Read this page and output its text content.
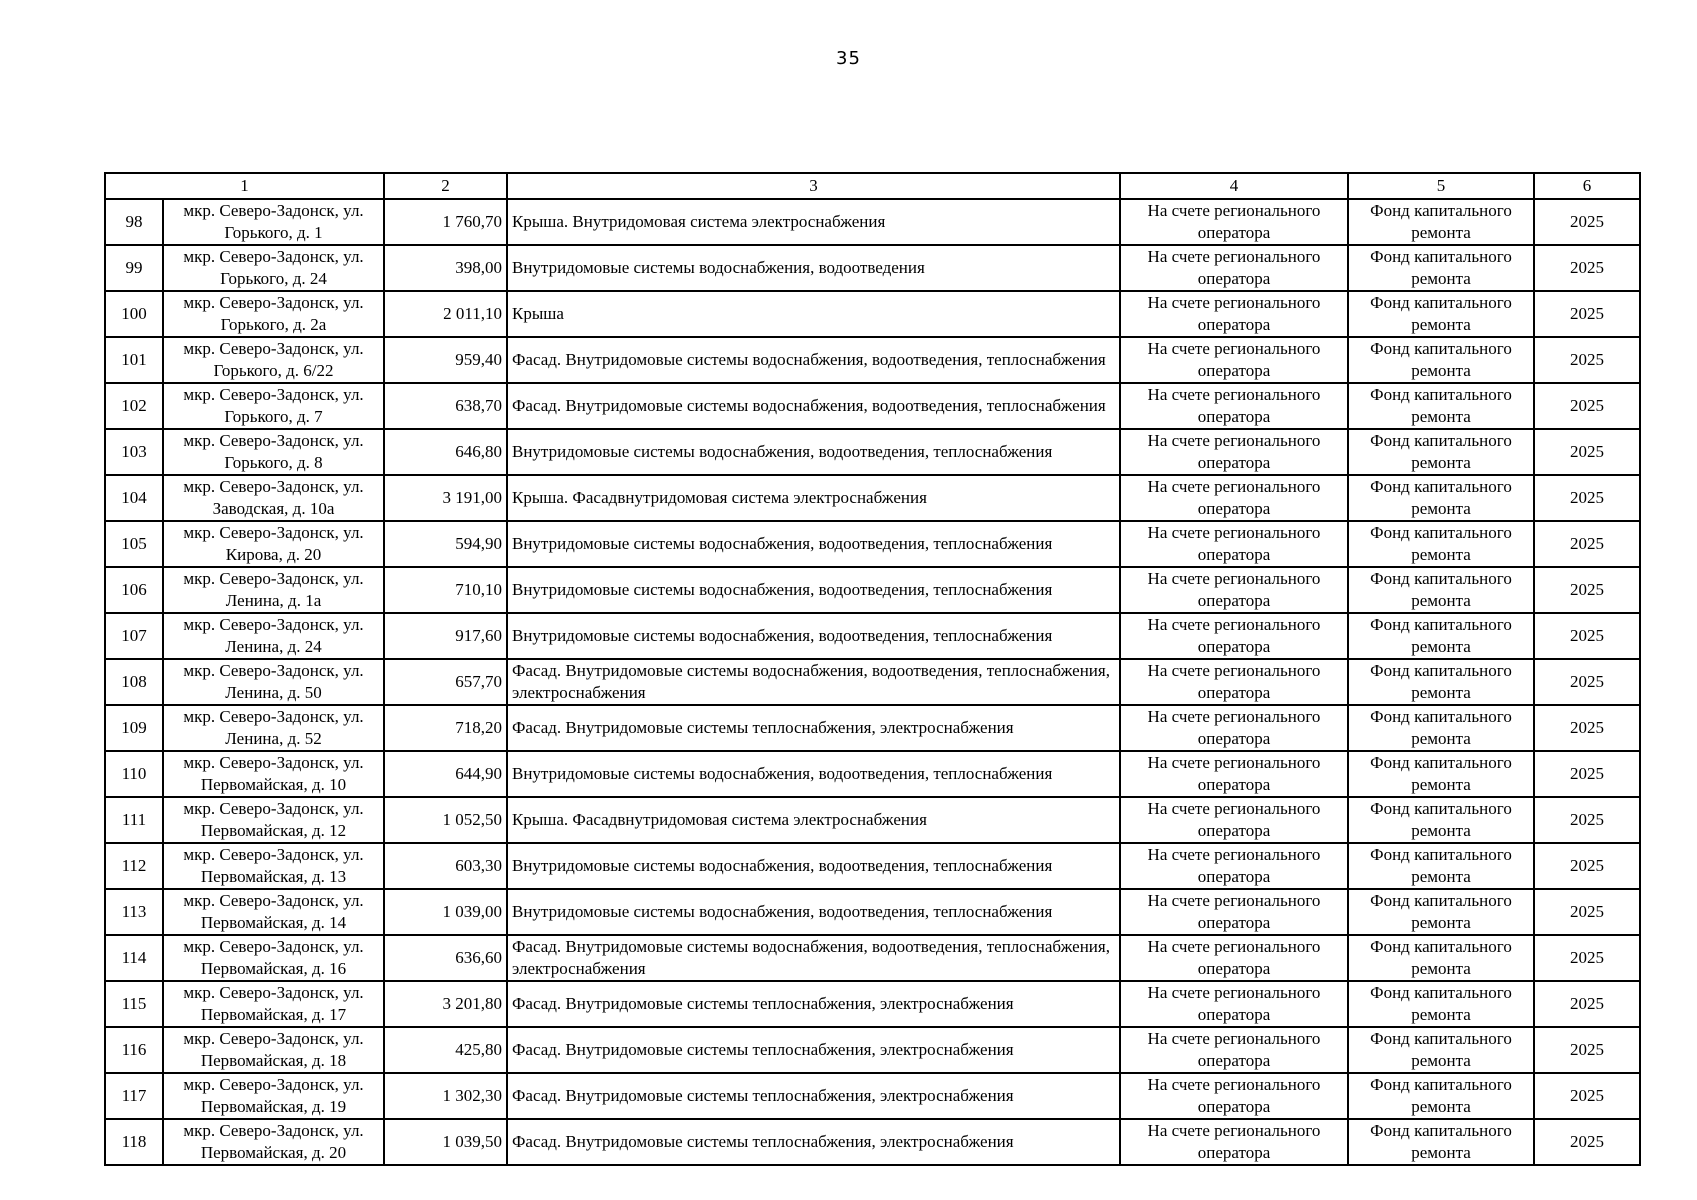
35
1		2	3	4	5	6
98	мкр. Северо-Задонск, ул. Горького, д. 1	1 760,70	Крыша. Внутридомовая система электроснабжения	На счете регионального оператора	Фонд капитального ремонта	2025
99	мкр. Северо-Задонск, ул. Горького, д. 24	398,00	Внутридомовые системы водоснабжения, водоотведения	На счете регионального оператора	Фонд капитального ремонта	2025
100	мкр. Северо-Задонск, ул. Горького, д. 2а	2 011,10	Крыша	На счете регионального оператора	Фонд капитального ремонта	2025
101	мкр. Северо-Задонск, ул. Горького, д. 6/22	959,40	Фасад. Внутридомовые системы водоснабжения, водоотведения, теплоснабжения	На счете регионального оператора	Фонд капитального ремонта	2025
102	мкр. Северо-Задонск, ул. Горького, д. 7	638,70	Фасад. Внутридомовые системы водоснабжения, водоотведения, теплоснабжения	На счете регионального оператора	Фонд капитального ремонта	2025
103	мкр. Северо-Задонск, ул. Горького, д. 8	646,80	Внутридомовые системы водоснабжения, водоотведения, теплоснабжения	На счете регионального оператора	Фонд капитального ремонта	2025
104	мкр. Северо-Задонск, ул. Заводская, д. 10а	3 191,00	Крыша. Фасадвнутридомовая система электроснабжения	На счете регионального оператора	Фонд капитального ремонта	2025
105	мкр. Северо-Задонск, ул. Кирова, д. 20	594,90	Внутридомовые системы водоснабжения, водоотведения, теплоснабжения	На счете регионального оператора	Фонд капитального ремонта	2025
106	мкр. Северо-Задонск, ул. Ленина, д. 1а	710,10	Внутридомовые системы водоснабжения, водоотведения, теплоснабжения	На счете регионального оператора	Фонд капитального ремонта	2025
107	мкр. Северо-Задонск, ул. Ленина, д. 24	917,60	Внутридомовые системы водоснабжения, водоотведения, теплоснабжения	На счете регионального оператора	Фонд капитального ремонта	2025
108	мкр. Северо-Задонск, ул. Ленина, д. 50	657,70	Фасад. Внутридомовые системы водоснабжения, водоотведения, теплоснабжения, электроснабжения	На счете регионального оператора	Фонд капитального ремонта	2025
109	мкр. Северо-Задонск, ул. Ленина, д. 52	718,20	Фасад. Внутридомовые системы теплоснабжения, электроснабжения	На счете регионального оператора	Фонд капитального ремонта	2025
110	мкр. Северо-Задонск, ул. Первомайская, д. 10	644,90	Внутридомовые системы водоснабжения, водоотведения, теплоснабжения	На счете регионального оператора	Фонд капитального ремонта	2025
111	мкр. Северо-Задонск, ул. Первомайская, д. 12	1 052,50	Крыша. Фасадвнутридомовая система электроснабжения	На счете регионального оператора	Фонд капитального ремонта	2025
112	мкр. Северо-Задонск, ул. Первомайская, д. 13	603,30	Внутридомовые системы водоснабжения, водоотведения, теплоснабжения	На счете регионального оператора	Фонд капитального ремонта	2025
113	мкр. Северо-Задонск, ул. Первомайская, д. 14	1 039,00	Внутридомовые системы водоснабжения, водоотведения, теплоснабжения	На счете регионального оператора	Фонд капитального ремонта	2025
114	мкр. Северо-Задонск, ул. Первомайская, д. 16	636,60	Фасад. Внутридомовые системы водоснабжения, водоотведения, теплоснабжения, электроснабжения	На счете регионального оператора	Фонд капитального ремонта	2025
115	мкр. Северо-Задонск, ул. Первомайская, д. 17	3 201,80	Фасад. Внутридомовые системы теплоснабжения, электроснабжения	На счете регионального оператора	Фонд капитального ремонта	2025
116	мкр. Северо-Задонск, ул. Первомайская, д. 18	425,80	Фасад. Внутридомовые системы теплоснабжения, электроснабжения	На счете регионального оператора	Фонд капитального ремонта	2025
117	мкр. Северо-Задонск, ул. Первомайская, д. 19	1 302,30	Фасад. Внутридомовые системы теплоснабжения, электроснабжения	На счете регионального оператора	Фонд капитального ремонта	2025
118	мкр. Северо-Задонск, ул. Первомайская, д. 20	1 039,50	Фасад. Внутридомовые системы теплоснабжения, электроснабжения	На счете регионального оператора	Фонд капитального ремонта	2025
